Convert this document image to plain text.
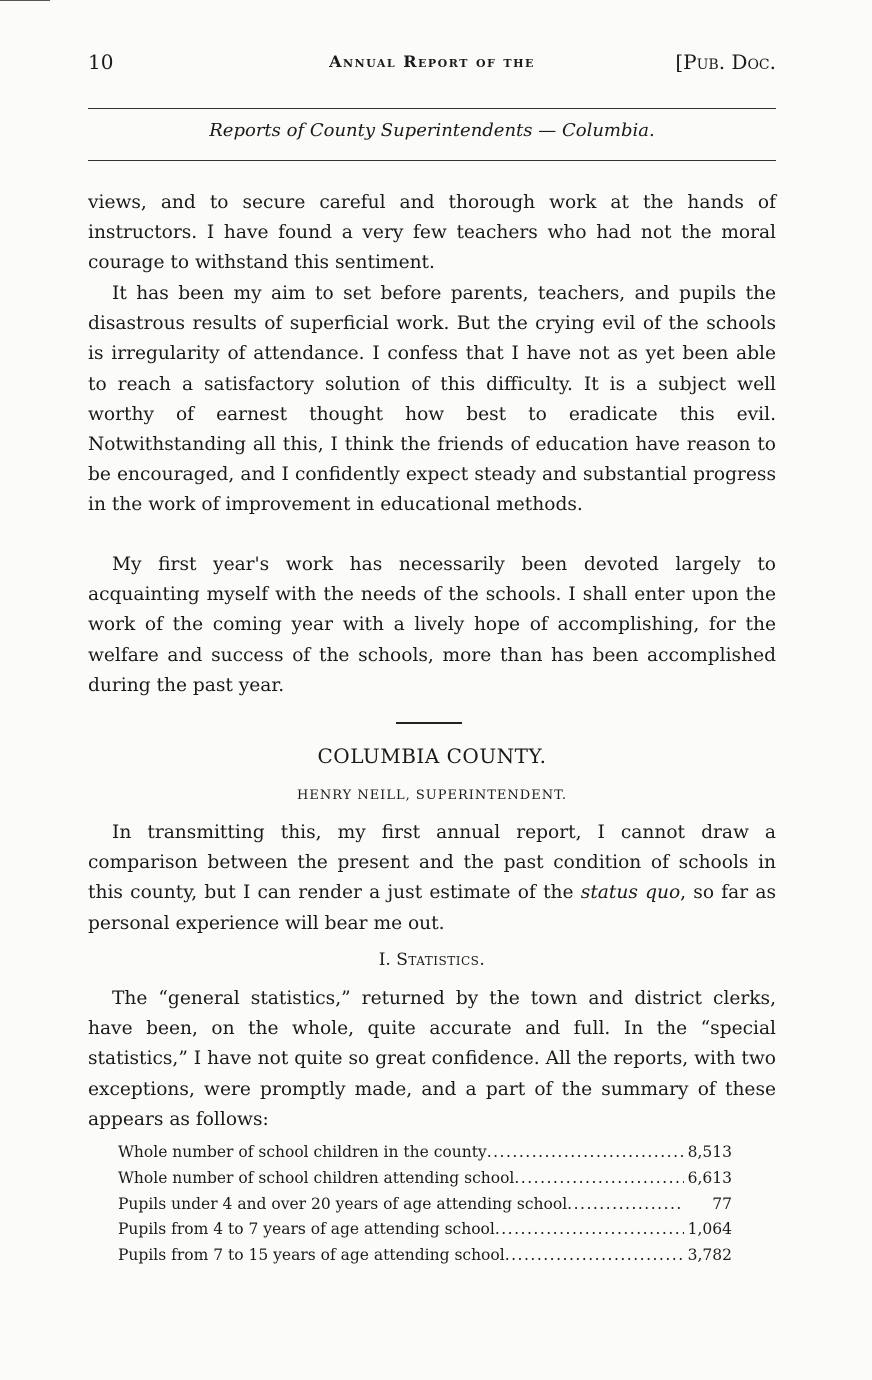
10	Annual Report of the	[Pub. Doc.
Reports of County Superintendents — Columbia.

views, and to secure careful and thorough work at the hands of instructors. I have found a very few teachers who had not the moral courage to withstand this sentiment.

It has been my aim to set before parents, teachers, and pupils the disastrous results of superficial work. But the crying evil of the schools is irregularity of attendance. I confess that I have not as yet been able to reach a satisfactory solution of this difficulty. It is a subject well worthy of earnest thought how best to eradicate this evil. Notwithstanding all this, I think the friends of education have reason to be encouraged, and I confidently expect steady and substantial progress in the work of improvement in educational methods.

My first year's work has necessarily been devoted largely to acquainting myself with the needs of the schools. I shall enter upon the work of the coming year with a lively hope of accomplishing, for the welfare and success of the schools, more than has been accomplished during the past year.

COLUMBIA COUNTY.
HENRY NEILL, SUPERINTENDENT.

In transmitting this, my first annual report, I cannot draw a comparison between the present and the past condition of schools in this county, but I can render a just estimate of the status quo, so far as personal experience will bear me out.

I. Statistics.

The “general statistics,” returned by the town and district clerks, have been, on the whole, quite accurate and full. In the “special statistics,” I have not quite so great confidence. All the reports, with two exceptions, were promptly made, and a part of the summary of these appears as follows:

Whole number of school children in the county .....	8,513
Whole number of school children attending school .....	6,613
Pupils under 4 and over 20 years of age attending school .....	77
Pupils from 4 to 7 years of age attending school .....	1,064
Pupils from 7 to 15 years of age attending school .....	3,782
